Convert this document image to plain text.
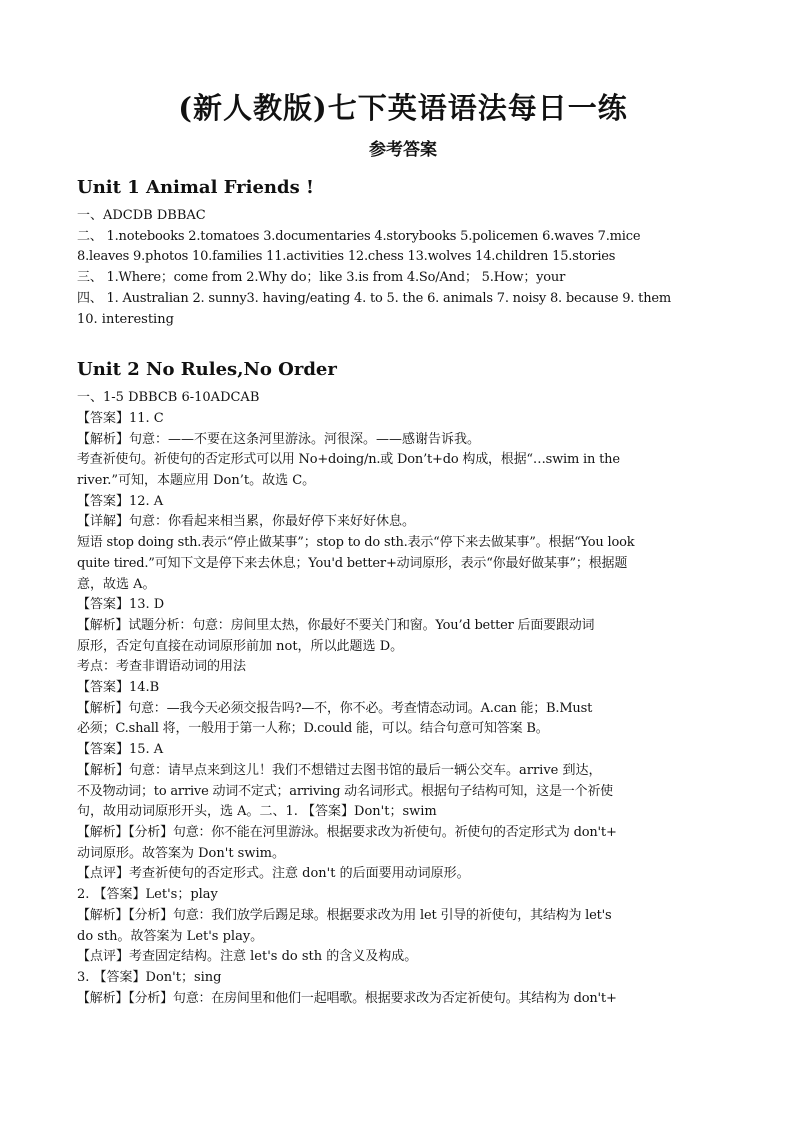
(新人教版)七下英语语法每日一练
参考答案
Unit 1 Animal Friends !
一、ADCDB DBBAC
二、 1.notebooks 2.tomatoes 3.documentaries 4.storybooks 5.policemen 6.waves 7.mice
8.leaves 9.photos 10.families 11.activities 12.chess 13.wolves 14.children 15.stories
三、 1.Where；come from 2.Why do；like 3.is from 4.So/And； 5.How；your
四、 1. Australian 2. sunny3. having/eating 4. to 5. the 6. animals 7. noisy 8. because 9. them
10. interesting
Unit 2 No Rules,No Order
一、1-5 DBBCB 6-10ADCAB
【答案】11. C
【解析】句意：——不要在这条河里游泳。河很深。——感谢告诉我。
考查祈使句。祈使句的否定形式可以用 No+doing/n.或 Don’t+do 构成，根据“…swim in the
river.”可知，本题应用 Don’t。故选 C。
【答案】12. A
【详解】句意：你看起来相当累，你最好停下来好好休息。
短语 stop doing sth.表示“停止做某事”；stop to do sth.表示“停下来去做某事”。根据“You look
quite tired.”可知下文是停下来去休息；You'd better+动词原形，表示“你最好做某事”；根据题
意，故选 A。
【答案】13. D
【解析】试题分析：句意：房间里太热，你最好不要关门和窗。You’d better 后面要跟动词
原形，否定句直接在动词原形前加 not，所以此题选 D。
考点：考查非谓语动词的用法
【答案】14.B
【解析】句意：—我今天必须交报告吗?—不，你不必。考查情态动词。A.can 能；B.Must
必须；C.shall 将，一般用于第一人称；D.could 能，可以。结合句意可知答案 B。
【答案】15. A
【解析】句意：请早点来到这儿！我们不想错过去图书馆的最后一辆公交车。arrive 到达，
不及物动词；to arrive 动词不定式；arriving 动名词形式。根据句子结构可知，这是一个祈使
句，故用动词原形开头，选 A。二、1. 【答案】Don't；swim
【解析】【分析】句意：你不能在河里游泳。根据要求改为祈使句。祈使句的否定形式为 don't+
动词原形。故答案为 Don't swim。
【点评】考查祈使句的否定形式。注意 don't 的后面要用动词原形。
2. 【答案】Let's；play
【解析】【分析】句意：我们放学后踢足球。根据要求改为用 let 引导的祈使句，其结构为 let's
do sth。故答案为 Let's play。
【点评】考查固定结构。注意 let's do sth 的含义及构成。
3. 【答案】Don't；sing
【解析】【分析】句意：在房间里和他们一起唱歌。根据要求改为否定祈使句。其结构为 don't+
